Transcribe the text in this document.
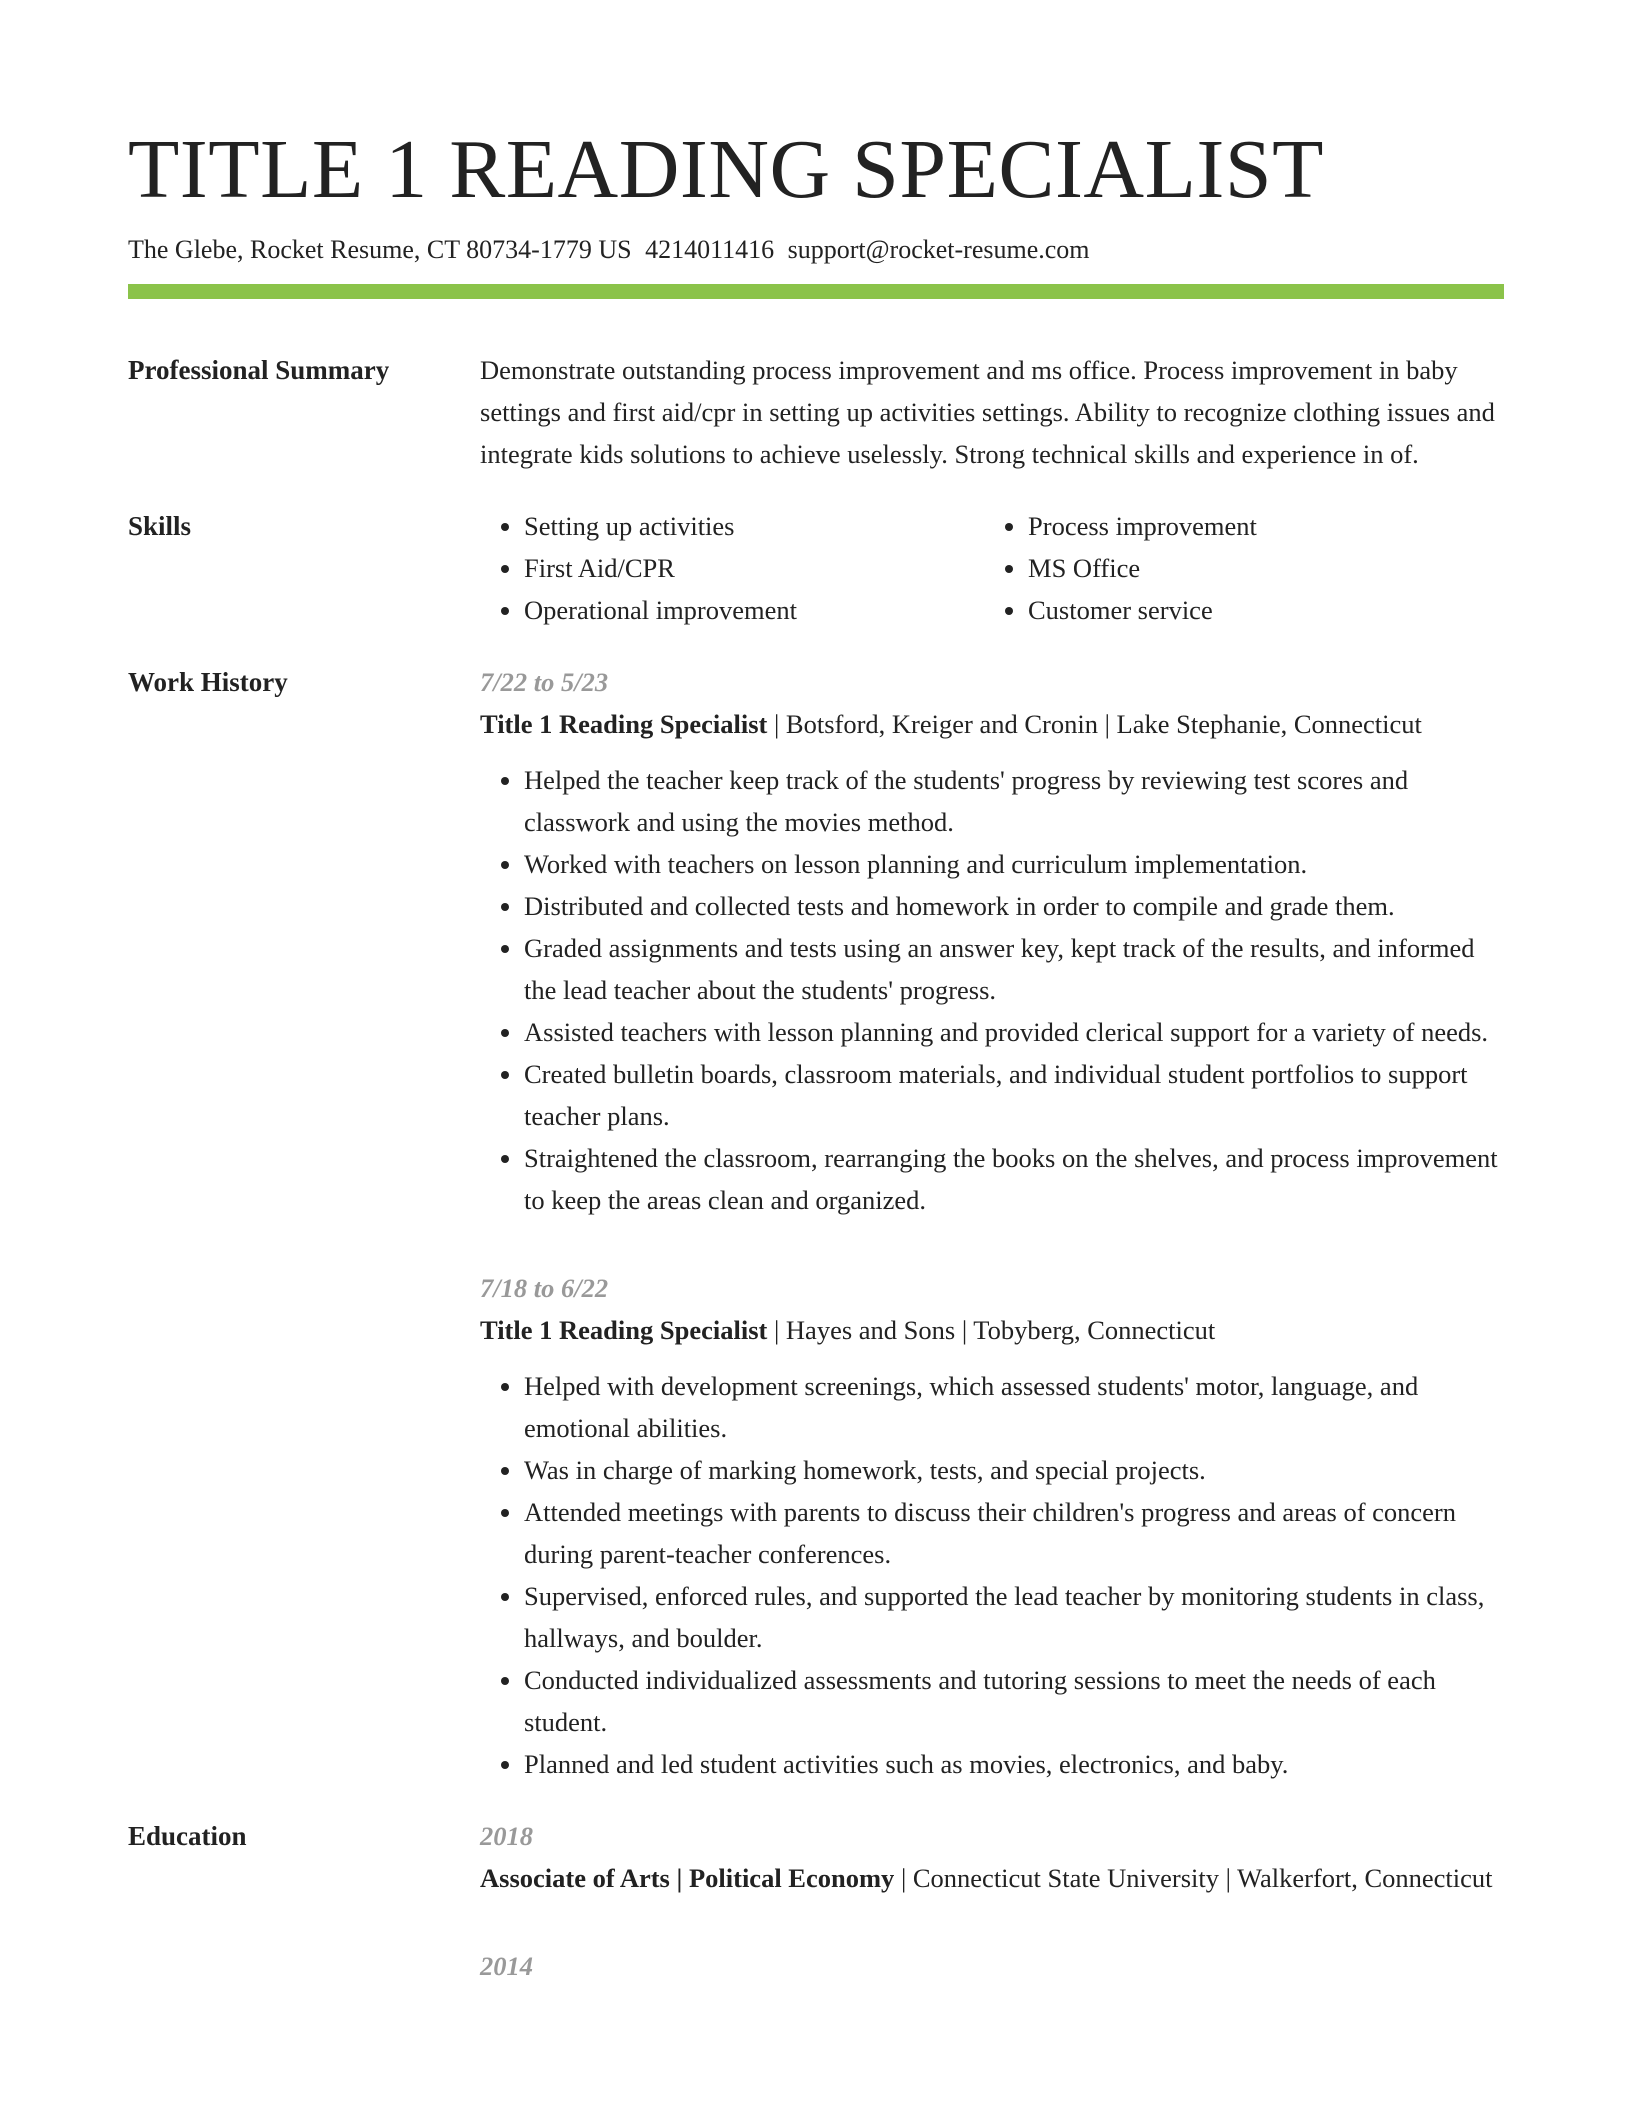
TITLE 1 READING SPECIALIST
The Glebe, Rocket Resume, CT 80734-1779 US 4214011416 support@rocket-resume.com
Professional Summary	Demonstrate outstanding process improvement and ms office. Process improvement in baby settings and first aid/cpr in setting up activities settings. Ability to recognize clothing issues and integrate kids solutions to achieve uselessly. Strong technical skills and experience in of.
Skills
•	Setting up activities
• First Aid/CPR
• Operational improvement
• Process improvement
• MS Office
• Customer service
Work History	7/22 to 5/23
Title 1 Reading Specialist | Botsford, Kreiger and Cronin | Lake Stephanie, Connecticut
• Helped the teacher keep track of the students' progress by reviewing test scores and classwork and using the movies method.
• Worked with teachers on lesson planning and curriculum implementation.
• Distributed and collected tests and homework in order to compile and grade them.
• Graded assignments and tests using an answer key, kept track of the results, and informed the lead teacher about the students' progress.
• Assisted teachers with lesson planning and provided clerical support for a variety of needs.
• Created bulletin boards, classroom materials, and individual student portfolios to support teacher plans.
• Straightened the classroom, rearranging the books on the shelves, and process improvement to keep the areas clean and organized.
7/18 to 6/22
Title 1 Reading Specialist | Hayes and Sons | Tobyberg, Connecticut
• Helped with development screenings, which assessed students' motor, language, and emotional abilities.
• Was in charge of marking homework, tests, and special projects.
• Attended meetings with parents to discuss their children's progress and areas of concern during parent-teacher conferences.
• Supervised, enforced rules, and supported the lead teacher by monitoring students in class, hallways, and boulder.
• Conducted individualized assessments and tutoring sessions to meet the needs of each student.
• Planned and led student activities such as movies, electronics, and baby.
Education	2018
Associate of Arts | Political Economy | Connecticut State University | Walkerfort, Connecticut
2014
